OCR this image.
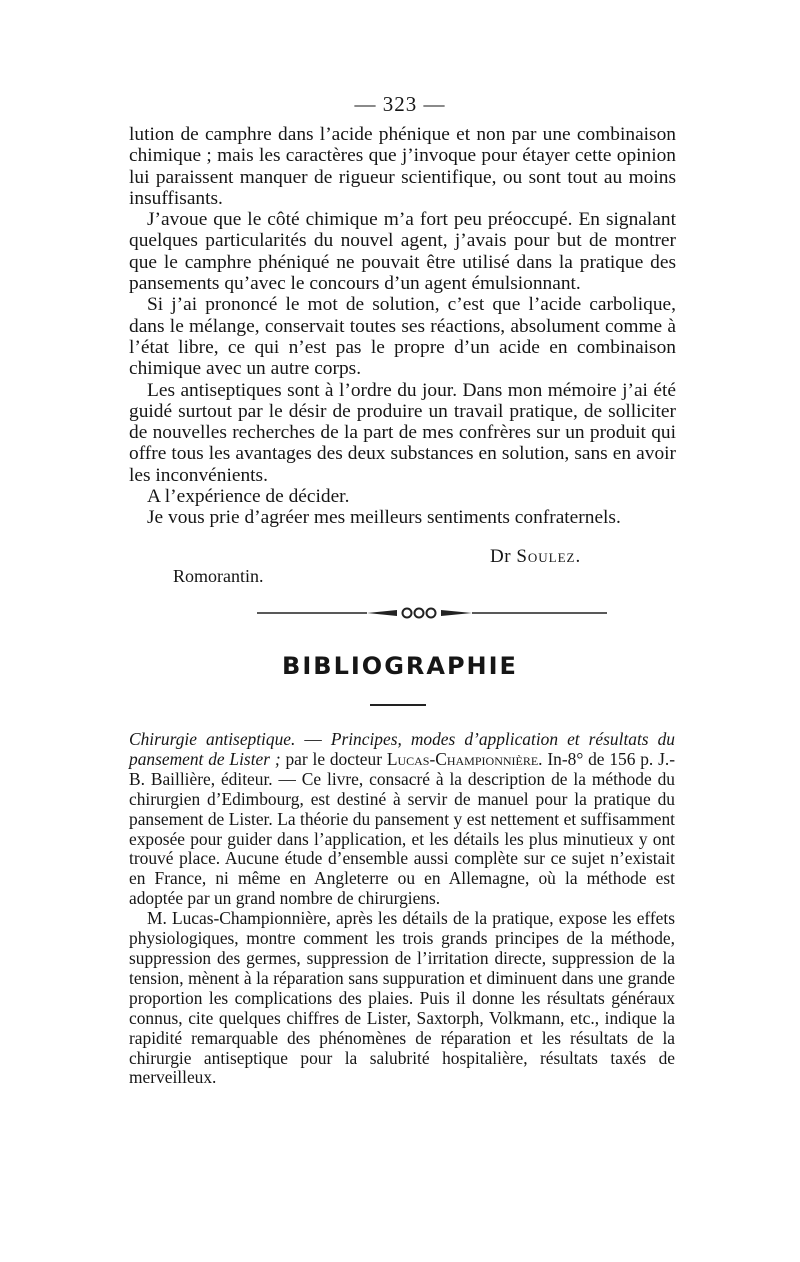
— 323 —

lution de camphre dans l’acide phénique et non par une combinaison chimique ; mais les caractères que j’invoque pour étayer cette opinion lui paraissent manquer de rigueur scientifique, ou sont tout au moins insuffisants.

J’avoue que le côté chimique m’a fort peu préoccupé. En signalant quelques particularités du nouvel agent, j’avais pour but de montrer que le camphre phéniqué ne pouvait être utilisé dans la pratique des pansements qu’avec le concours d’un agent émulsionnant.

Si j’ai prononcé le mot de solution, c’est que l’acide carbolique, dans le mélange, conservait toutes ses réactions, absolument comme à l’état libre, ce qui n’est pas le propre d’un acide en combinaison chimique avec un autre corps.

Les antiseptiques sont à l’ordre du jour. Dans mon mémoire j’ai été guidé surtout par le désir de produire un travail pratique, de solliciter de nouvelles recherches de la part de mes confrères sur un produit qui offre tous les avantages des deux substances en solution, sans en avoir les inconvénients.

A l’expérience de décider.

Je vous prie d’agréer mes meilleurs sentiments confraternels.

Dr Soulez.
Romorantin.
BIBLIOGRAPHIE

Chirurgie antiseptique. — Principes, modes d’application et résultats du pansement de Lister ; par le docteur Lucas-Championnière. In-8° de 156 p. J.-B. Baillière, éditeur. — Ce livre, consacré à la description de la méthode du chirurgien d’Edimbourg, est destiné à servir de manuel pour la pratique du pansement de Lister. La théorie du pansement y est nettement et suffisamment exposée pour guider dans l’application, et les détails les plus minutieux y ont trouvé place. Aucune étude d’ensemble aussi complète sur ce sujet n’existait en France, ni même en Angleterre ou en Allemagne, où la méthode est adoptée par un grand nombre de chirurgiens.

M. Lucas-Championnière, après les détails de la pratique, expose les effets physiologiques, montre comment les trois grands principes de la méthode, suppression des germes, suppression de l’irritation directe, suppression de la tension, mènent à la réparation sans suppuration et diminuent dans une grande proportion les complications des plaies. Puis il donne les résultats généraux connus, cite quelques chiffres de Lister, Saxtorph, Volkmann, etc., indique la rapidité remarquable des phénomènes de réparation et les résultats de la chirurgie antiseptique pour la salubrité hospitalière, résultats taxés de merveilleux.
